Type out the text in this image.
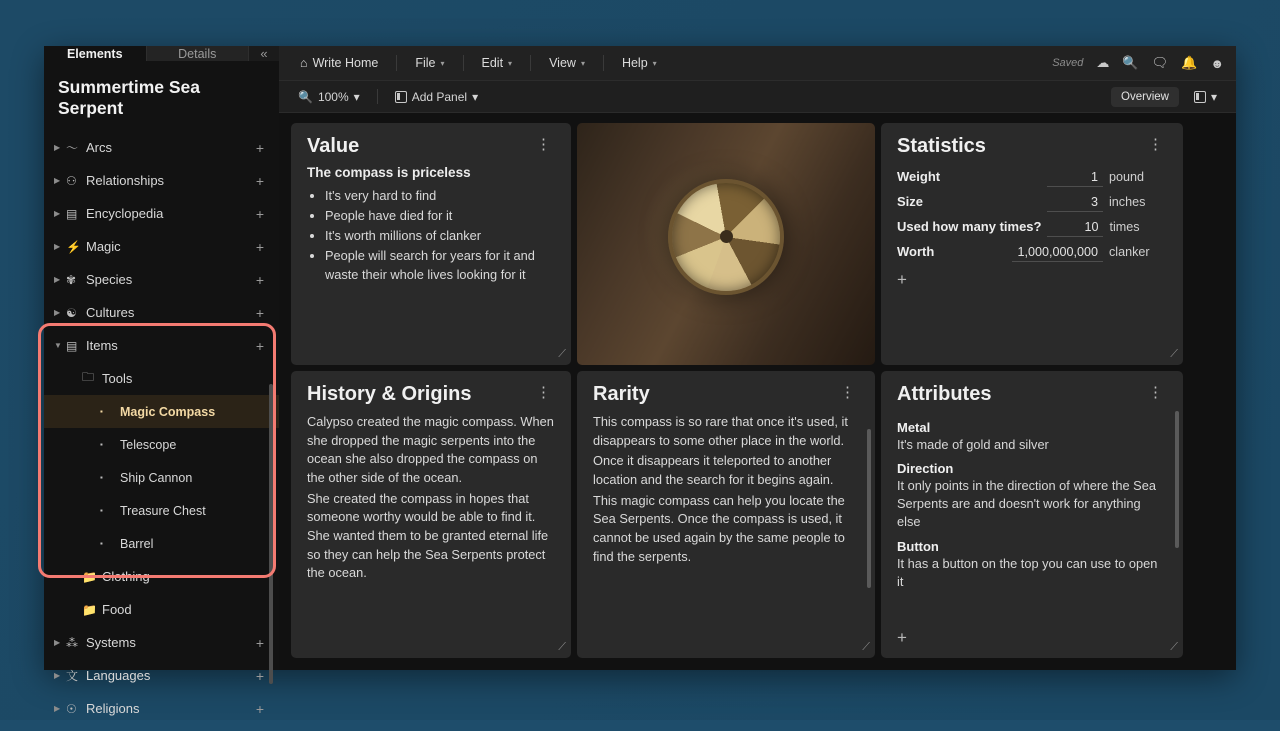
Elements	Details	«
Summertime Sea Serpent
▶ 〜 Arcs	+
▶ ⚇ Relationships	+
▶ ▤ Encyclopedia	+
▶ ⚡ Magic	+
▶ ✾ Species	+
▶ ☯ Cultures	+
▼ ▤ Items	+
🗀 Tools
▪	Magic Compass
▪	Telescope
▪	Ship Cannon
▪	Treasure Chest
▪	Barrel
📁 Clothing
📁 Food
▶ ⁂ Systems	+
▶ 文 Languages	+
▶ ☉ Religions	+
⌂ Write Home	File ▾	Edit ▾	View ▾	Help ▾	Saved ☁ 🔍 🗨 🔔 ☻
🔍 100% ▾	Add Panel ▾	Overview	▾
Value	⋮
The compass is priceless
• It's very hard to find
• People have died for it
• It's worth millions of clanker
• People will search for years for it and waste their whole lives looking for it
⟋
Statistics	⋮
Weight	1 pound
Size	3 inches
Used how many times?	10 times
Worth	1,000,000,000 clanker
+
⟋
History & Origins	⋮

Calypso created the magic compass. When she dropped the magic serpents into the ocean she also dropped the compass on the other side of the ocean.

She created the compass in hopes that someone worthy would be able to find it. She wanted them to be granted eternal life so they can help the Sea Serpents protect the ocean.

⟋
Rarity	⋮

This compass is so rare that once it's used, it disappears to some other place in the world.

Once it disappears it teleported to another location and the search for it begins again.

This magic compass can help you locate the Sea Serpents. Once the compass is used, it cannot be used again by the same people to find the serpents.

⟋
Attributes	⋮
Metal
It's made of gold and silver
Direction
It only points in the direction of where the Sea Serpents are and doesn't work for anything else
Button
It has a button on the top you can use to open it
+	⟋
